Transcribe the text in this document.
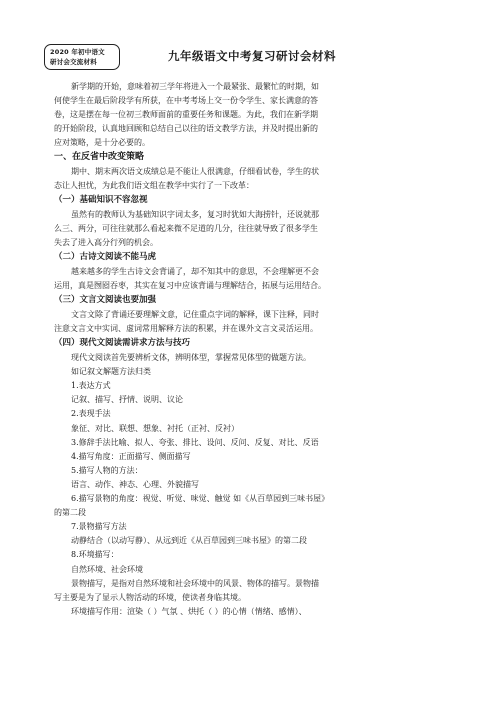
2020 年初中语文
研讨会交流材料	九年级语文中考复习研讨会材料
新学期的开始，意味着初三学年将进入一个最紧张、最繁忙的时期，如
何使学生在最后阶段学有所获，在中考考场上交一份令学生、家长满意的答
卷，这是摆在每一位初三教师面前的重要任务和课题。为此，我们在新学期
的开始阶段，认真地回顾和总结自己以往的语文教学方法，并及时提出新的
应对策略，是十分必要的。
一、在反省中改变策略
期中、期末两次语文成绩总是不能让人很满意，仔细看试卷，学生的状
态让人担忧，为此我们语文组在教学中实行了一下改革：
（一）基础知识不容忽视
虽然有的教师认为基础知识字词太多，复习时犹如大海捞针，还说就那
么三、两分，可往往就那么看起来微不足道的几分，往往就导致了很多学生
失去了进入高分行列的机会。
（二）古诗文阅读不能马虎
越来越多的学生古诗文会背诵了，却不知其中的意思，不会理解更不会
运用，真是囫囵吞枣，其实在复习中应该背诵与理解结合，拓展与运用结合。
（三）文言文阅读也要加强
文言文除了背诵还要理解文意，记住重点字词的解释，课下注释，同时
注意文言文中实词、虚词常用解释方法的积累，并在课外文言文灵活运用。
（四）现代文阅读需讲求方法与技巧
现代文阅读首先要辨析文体，辨明体型，掌握常见体型的做题方法。
如记叙文解题方法归类
1.表达方式
记叙、描写、抒情、说明、议论
2.表现手法
象征、对比、联想、想象、衬托（正衬、反衬）
3.修辞手法比喻、拟人、夸张、排比、设问、反问、反复、对比、反语
4.描写角度：正面描写、侧面描写
5.描写人物的方法：
语言、动作、神态、心理、外貌描写
6.描写景物的角度：视觉、听觉、味觉、触觉 如《从百草园到三味书屋》
的第二段
7.景物描写方法
动静结合（以动写静）、从远到近《从百草园到三味书屋》的第二段
8.环境描写：
自然环境、社会环境
景物描写，是指对自然环境和社会环境中的风景、物体的描写。景物描
写主要是为了显示人物活动的环境，使读者身临其境。
环境描写作用：渲染（ ）气氛 、烘托（ ）的心情（情绪、感情）、
